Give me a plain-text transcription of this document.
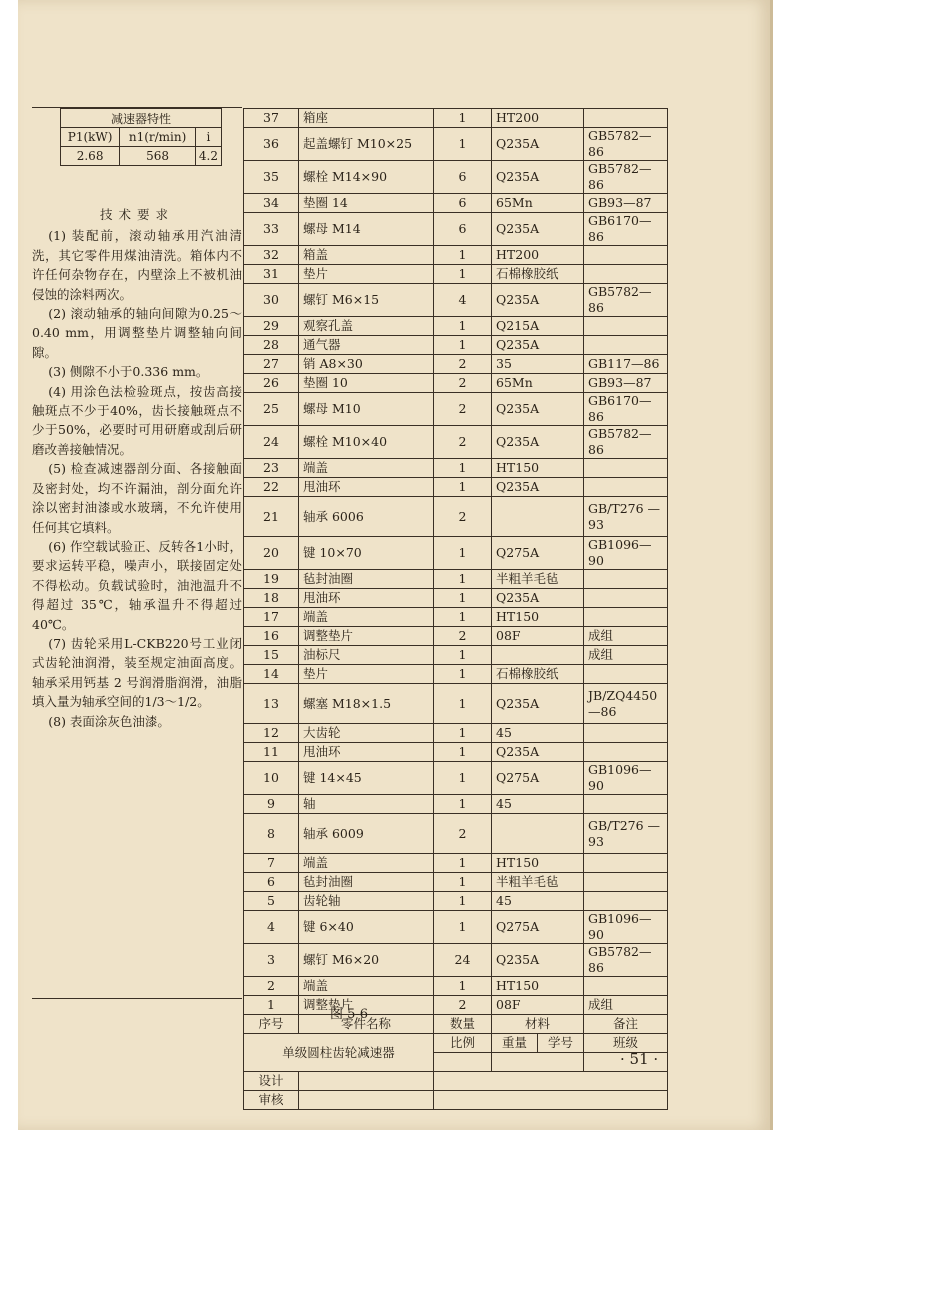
减速器特性		
P1(kW)	n1(r/min)	i
2.68	568	4.2
技术要求

(1) 装配前，滚动轴承用汽油清洗，其它零件用煤油清洗。箱体内不许任何杂物存在，内壁涂上不被机油侵蚀的涂料两次。

(2) 滚动轴承的轴向间隙为0.25～0.40 mm，用调整垫片调整轴向间隙。

(3) 侧隙不小于0.336 mm。

(4) 用涂色法检验斑点，按齿高接触斑点不少于40%，齿长接触斑点不少于50%，必要时可用研磨或刮后研磨改善接触情况。

(5) 检查减速器剖分面、各接触面及密封处，均不许漏油，剖分面允许涂以密封油漆或水玻璃，不允许使用任何其它填料。

(6) 作空载试验正、反转各1小时，要求运转平稳，噪声小，联接固定处不得松动。负载试验时，油池温升不得超过 35℃，轴承温升不得超过40℃。

(7) 齿轮采用L-CKB220号工业闭式齿轮油润滑，装至规定油面高度。轴承采用钙基 2 号润滑脂润滑，油脂填入量为轴承空间的1/3～1/2。

(8) 表面涂灰色油漆。

37	箱座	1	HT200	
36	起盖螺钉 M10×25	1	Q235A	GB5782—86
35	螺栓 M14×90	6	Q235A	GB5782—86
34	垫圈 14	6	65Mn	GB93—87
33	螺母 M14	6	Q235A	GB6170—86
32	箱盖	1	HT200	
31	垫片	1	石棉橡胶纸	
30	螺钉 M6×15	4	Q235A	GB5782—86
29	观察孔盖	1	Q215A	
28	通气器	1	Q235A	
27	销 A8×30	2	35	GB117—86
26	垫圈 10	2	65Mn	GB93—87
25	螺母 M10	2	Q235A	GB6170—86
24	螺栓 M10×40	2	Q235A	GB5782—86
23	端盖	1	HT150	
22	甩油环	1	Q235A	
21	轴承 6006	2		GB/T276 —93
20	键 10×70	1	Q275A	GB1096—90
19	毡封油圈	1	半粗羊毛毡	
18	甩油环	1	Q235A	
17	端盖	1	HT150	
16	调整垫片	2	08F	成组
15	油标尺	1		成组
14	垫片	1	石棉橡胶纸	
13	螺塞 M18×1.5	1	Q235A	JB/ZQ4450 —86
12	大齿轮	1	45	
11	甩油环	1	Q235A	
10	键 14×45	1	Q275A	GB1096—90
9	轴	1	45	
8	轴承 6009	2		GB/T276 —93
7	端盖	1	HT150	
6	毡封油圈	1	半粗羊毛毡	
5	齿轮轴	1	45	
4	键 6×40	1	Q275A	GB1096—90
3	螺钉 M6×20	24	Q235A	GB5782—86
2	端盖	1	HT150	
1	调整垫片	2	08F	成组
序号	零件名称	数量	材料	备注
单级圆柱齿轮减速器	比例	重量	学号
		班级

设计		
审核		
图 5-6
· 51 ·
